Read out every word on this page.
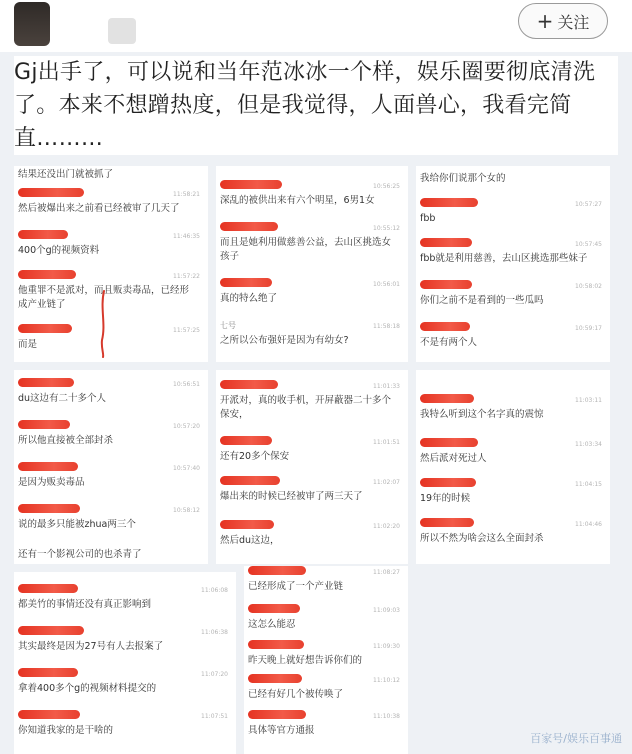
+ 关注
Gj出手了，可以说和当年范冰冰一个样，娱乐圈要彻底清洗了。本来不想蹭热度，但是我觉得，人面兽心，我看完简直………
结果还没出门就被抓了
11:58:21
然后被爆出来之前看已经被审了几天了
11:46:35
400个g的视频资料
11:57:22
他重罪不是派对，而且贩卖毒品，已经形成产业链了
11:57:25
而是
10:56:25
深乱的被供出来有六个明星，6男1女
10:55:12
而且是她利用做慈善公益，去山区挑选女孩子
10:56:01
真的特么绝了
七号	11:58:18
之所以公布强奸是因为有幼女?
我给你们说那个女的
10:57:27
fbb
10:57:45
fbb就是利用慈善，去山区挑选那些妹子
10:58:02
你们之前不是看到的一些瓜吗
10:59:17
不是有两个人
10:56:51
du这边有二十多个人
10:57:20
所以他直接被全部封杀
10:57:40
是因为贩卖毒品
10:58:12
说的最多只能被zhua两三个
还有一个影视公司的也杀青了
11:01:33
开派对，真的收手机，开屏蔽器二十多个保安，
11:01:51
还有20多个保安
11:02:07
爆出来的时候已经被审了两三天了
11:02:20
然后du这边，
11:03:11
我特么听到这个名字真的震惊
11:03:34
然后派对死过人
11:04:15
19年的时候
11:04:46
所以不然为啥会这么全面封杀
11:06:08
都美竹的事情还没有真正影响到
11:06:38
其实最终是因为27号有人去报案了
11:07:20
拿着400多个g的视频材料提交的
11:07:51
你知道我家的是干啥的
11:08:27
已经形成了一个产业链
11:09:03
这怎么能忍
11:09:30
昨天晚上就好想告诉你们的
11:10:12
已经有好几个被传唤了
11:10:38
具体等官方通报
百家号/娱乐百事通
